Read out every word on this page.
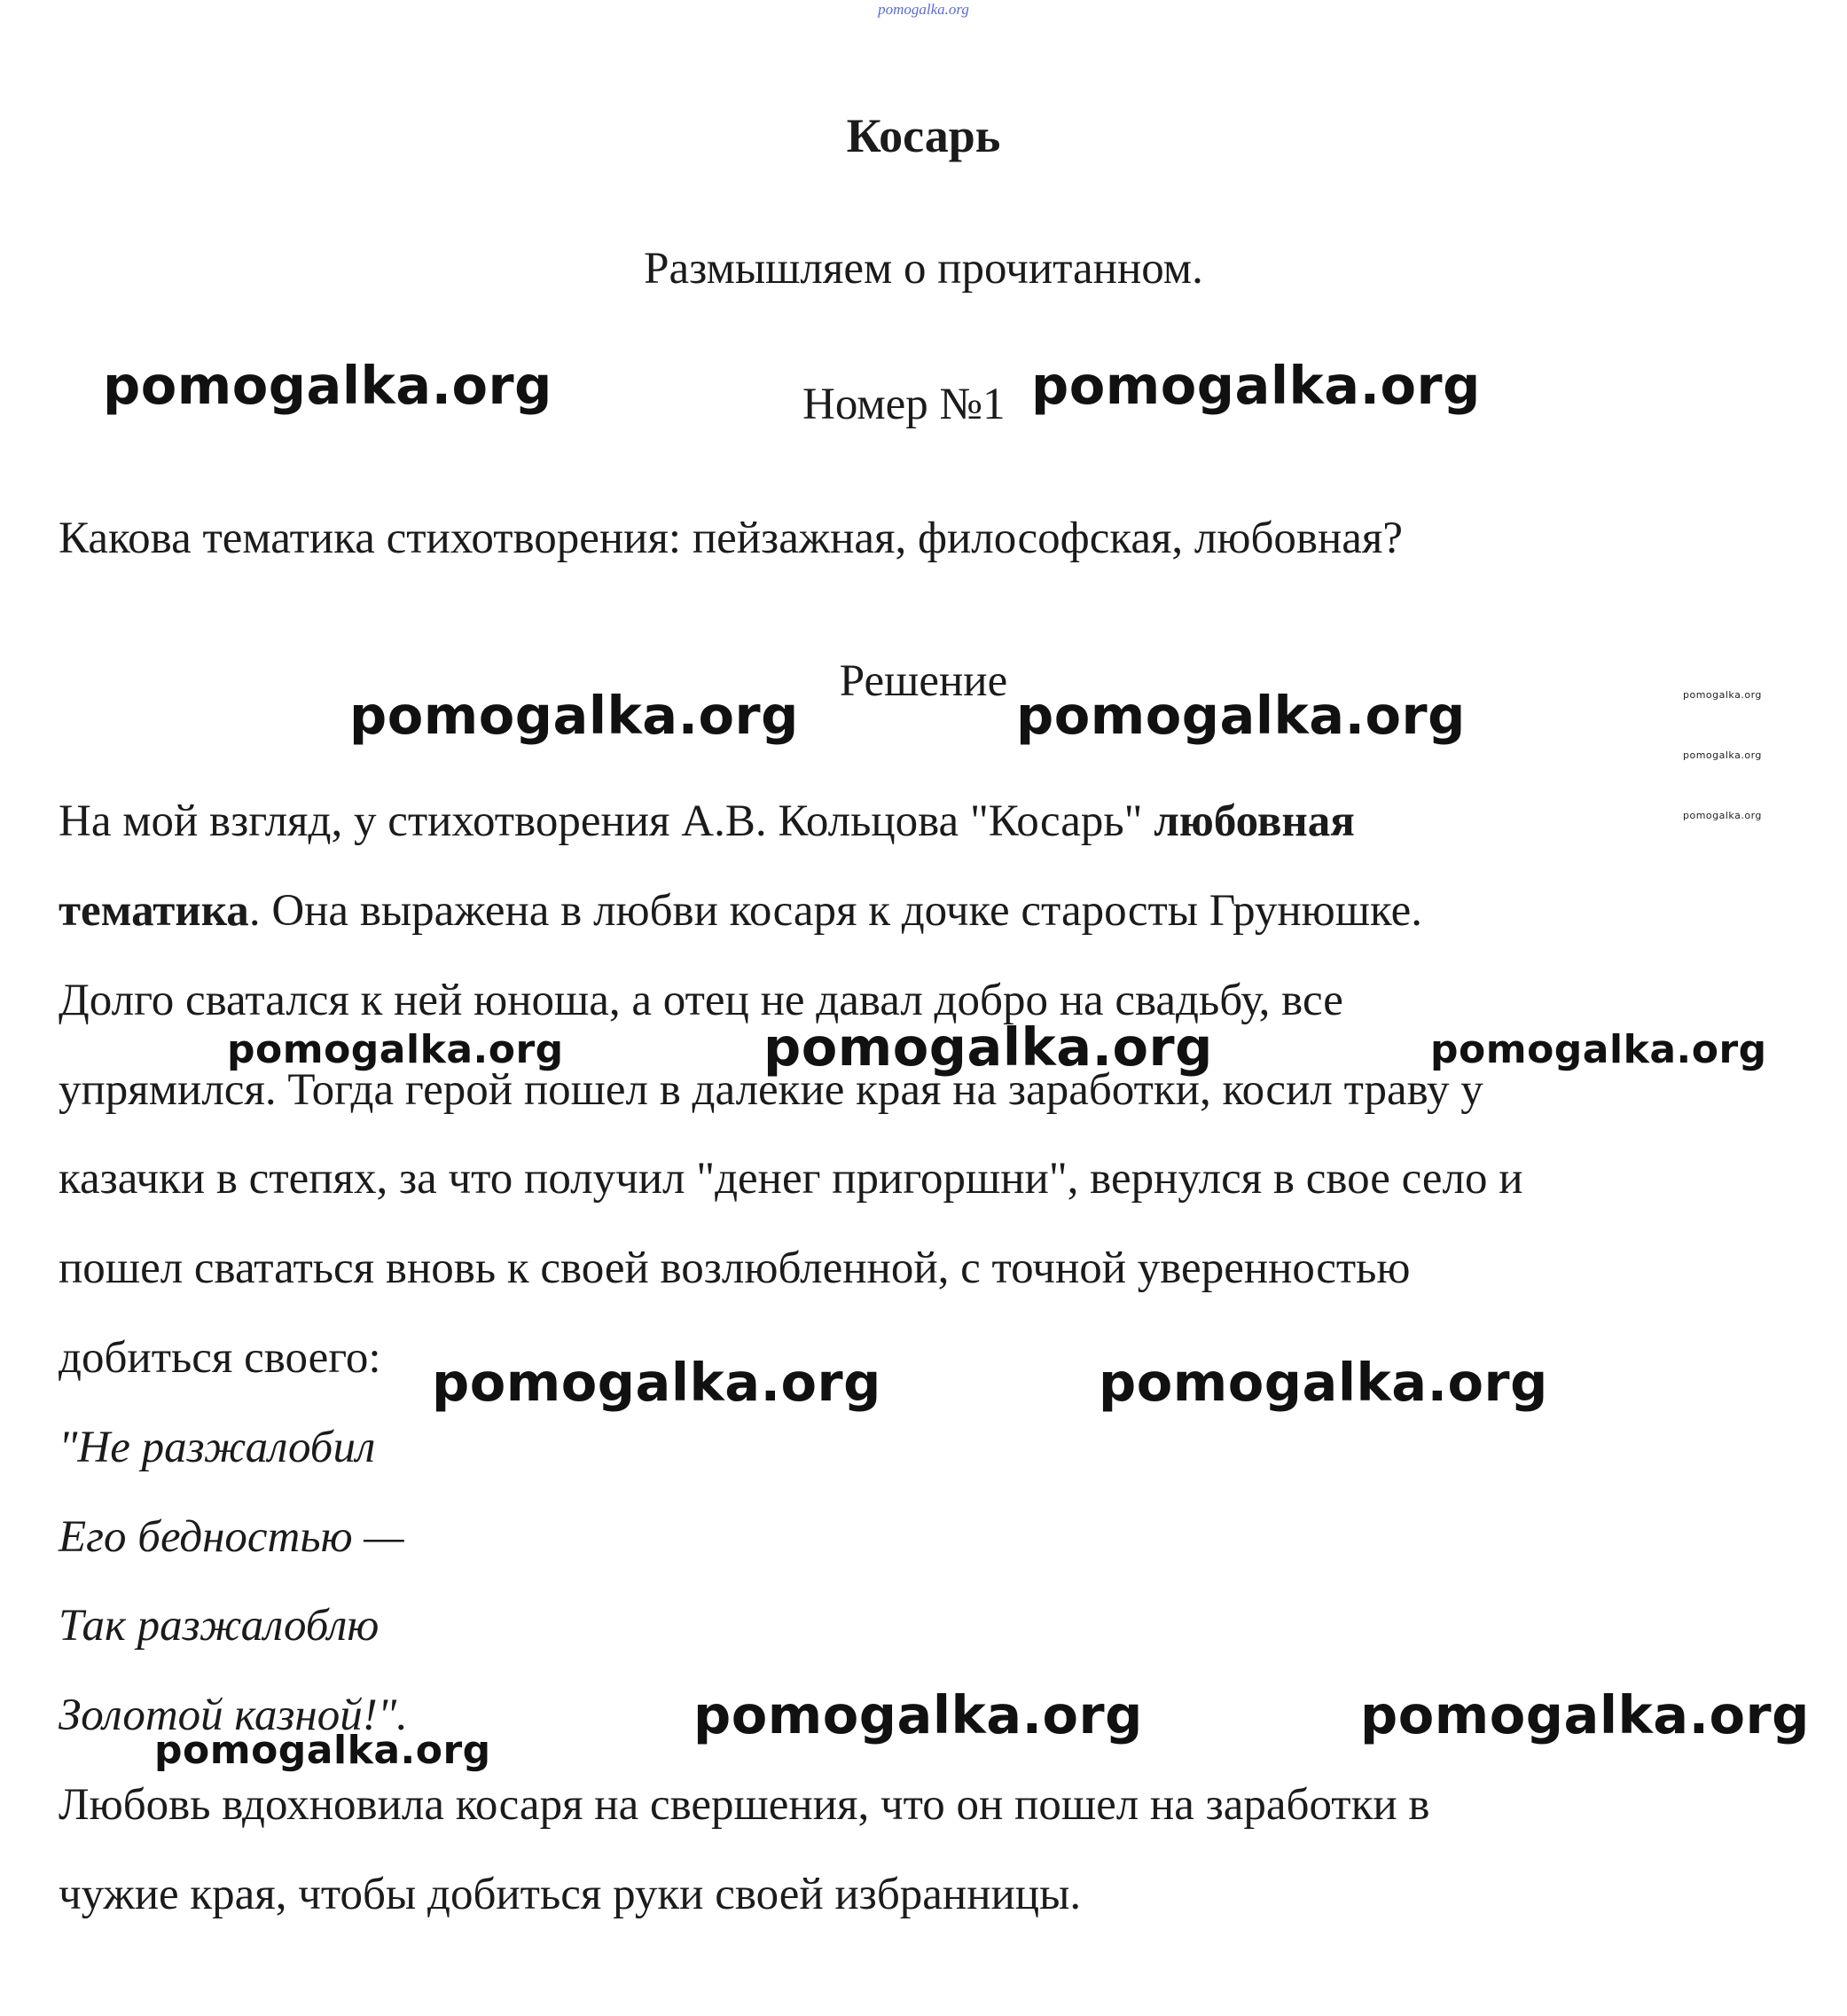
pomogalka.org
Косарь
Размышляем о прочитанном.
Номер №1
Какова тематика стихотворения: пейзажная, философская, любовная?
Решение
На мой взгляд, у стихотворения А.В. Кольцова "Косарь" любовная
тематика. Она выражена в любви косаря к дочке старосты Грунюшке.
Долго сватался к ней юноша, а отец не давал добро на свадьбу, все
упрямился. Тогда герой пошел в далекие края на заработки, косил траву у
казачки в степях, за что получил "денег пригоршни", вернулся в свое село и
пошел свататься вновь к своей возлюбленной, с точной уверенностью
добиться своего:
"Не разжалобил
Его бедностью —
Так разжалоблю
Золотой казной!".
Любовь вдохновила косаря на свершения, что он пошел на заработки в
чужие края, чтобы добиться руки своей избранницы.
pomogalka.org	pomogalka.org
pomogalka.org	pomogalka.org	pomogalka.org
pomogalka.org
pomogalka.org
pomogalka.org	pomogalka.org	pomogalka.org
pomogalka.org	pomogalka.org
pomogalka.org
pomogalka.org	pomogalka.org
